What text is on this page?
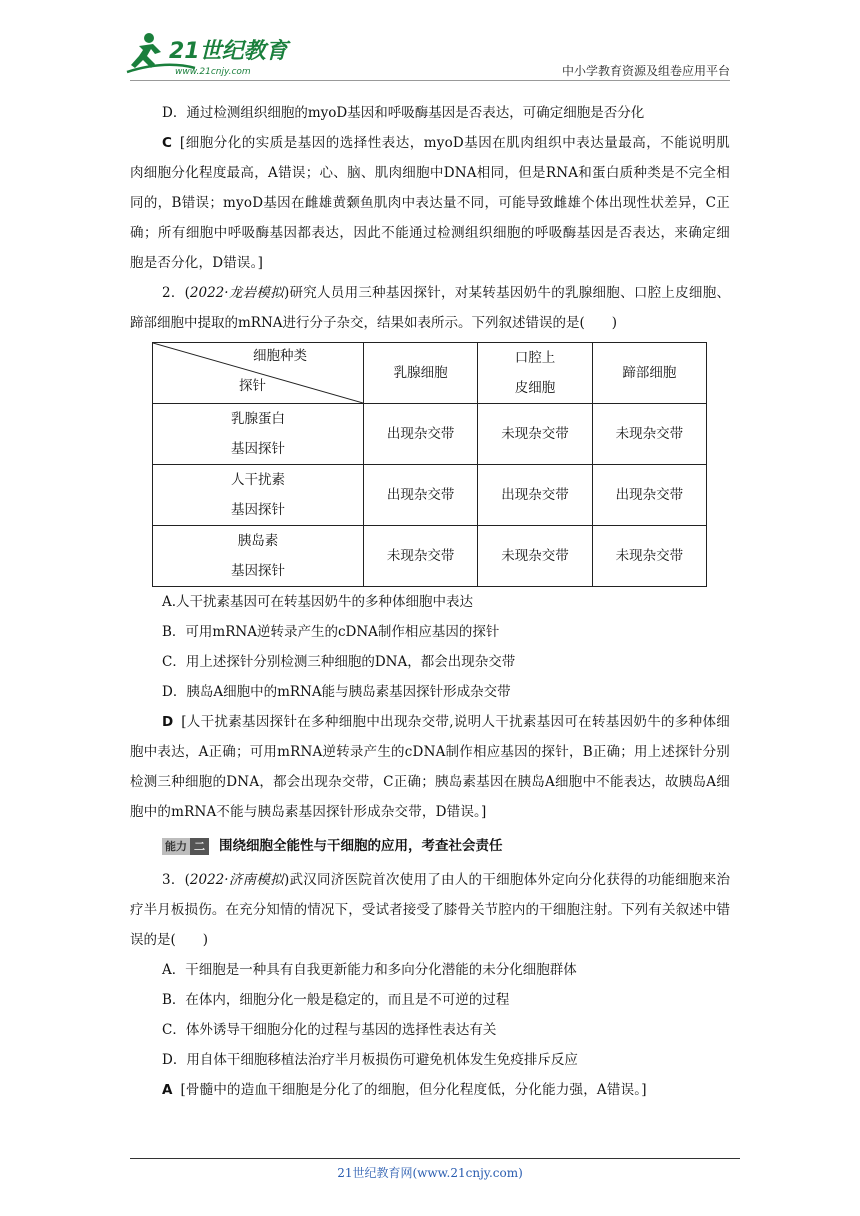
21世纪教育
www.21cnjy.com	中小学教育资源及组卷应用平台

D．通过检测组织细胞的myoD基因和呼吸酶基因是否表达，可确定细胞是否分化

C [细胞分化的实质是基因的选择性表达，myoD基因在肌肉组织中表达量最高，不能说明肌肉细胞分化程度最高，A错误；心、脑、肌肉细胞中DNA相同，但是RNA和蛋白质种类是不完全相同的，B错误；myoD基因在雌雄黄颡鱼肌肉中表达量不同，可能导致雌雄个体出现性状差异，C正确；所有细胞中呼吸酶基因都表达，因此不能通过检测组织细胞的呼吸酶基因是否表达，来确定细胞是否分化，D错误。]

2．(2022·龙岩模拟)研究人员用三种基因探针，对某转基因奶牛的乳腺细胞、口腔上皮细胞、蹄部细胞中提取的mRNA进行分子杂交，结果如表所示。下列叙述错误的是(　　)

细胞种类
探针	乳腺细胞	口腔上
皮细胞	蹄部细胞
乳腺蛋白
基因探针	出现杂交带	未现杂交带	未现杂交带
人干扰素
基因探针	出现杂交带	出现杂交带	出现杂交带
胰岛素
基因探针	未现杂交带	未现杂交带	未现杂交带

A.人干扰素基因可在转基因奶牛的多种体细胞中表达

B．可用mRNA逆转录产生的cDNA制作相应基因的探针

C．用上述探针分别检测三种细胞的DNA，都会出现杂交带

D．胰岛A细胞中的mRNA能与胰岛素基因探针形成杂交带

D [人干扰素基因探针在多种细胞中出现杂交带,说明人干扰素基因可在转基因奶牛的多种体细胞中表达，A正确；可用mRNA逆转录产生的cDNA制作相应基因的探针，B正确；用上述探针分别检测三种细胞的DNA，都会出现杂交带，C正确；胰岛素基因在胰岛A细胞中不能表达，故胰岛A细胞中的mRNA不能与胰岛素基因探针形成杂交带，D错误。]

能力 二 围绕细胞全能性与干细胞的应用，考查社会责任

3．(2022·济南模拟)武汉同济医院首次使用了由人的干细胞体外定向分化获得的功能细胞来治疗半月板损伤。在充分知情的情况下，受试者接受了膝骨关节腔内的干细胞注射。下列有关叙述中错误的是(　　)

A．干细胞是一种具有自我更新能力和多向分化潜能的未分化细胞群体

B．在体内，细胞分化一般是稳定的，而且是不可逆的过程

C．体外诱导干细胞分化的过程与基因的选择性表达有关

D．用自体干细胞移植法治疗半月板损伤可避免机体发生免疫排斥反应

A [骨髓中的造血干细胞是分化了的细胞，但分化程度低，分化能力强，A错误。]

21世纪教育网(www.21cnjy.com)
